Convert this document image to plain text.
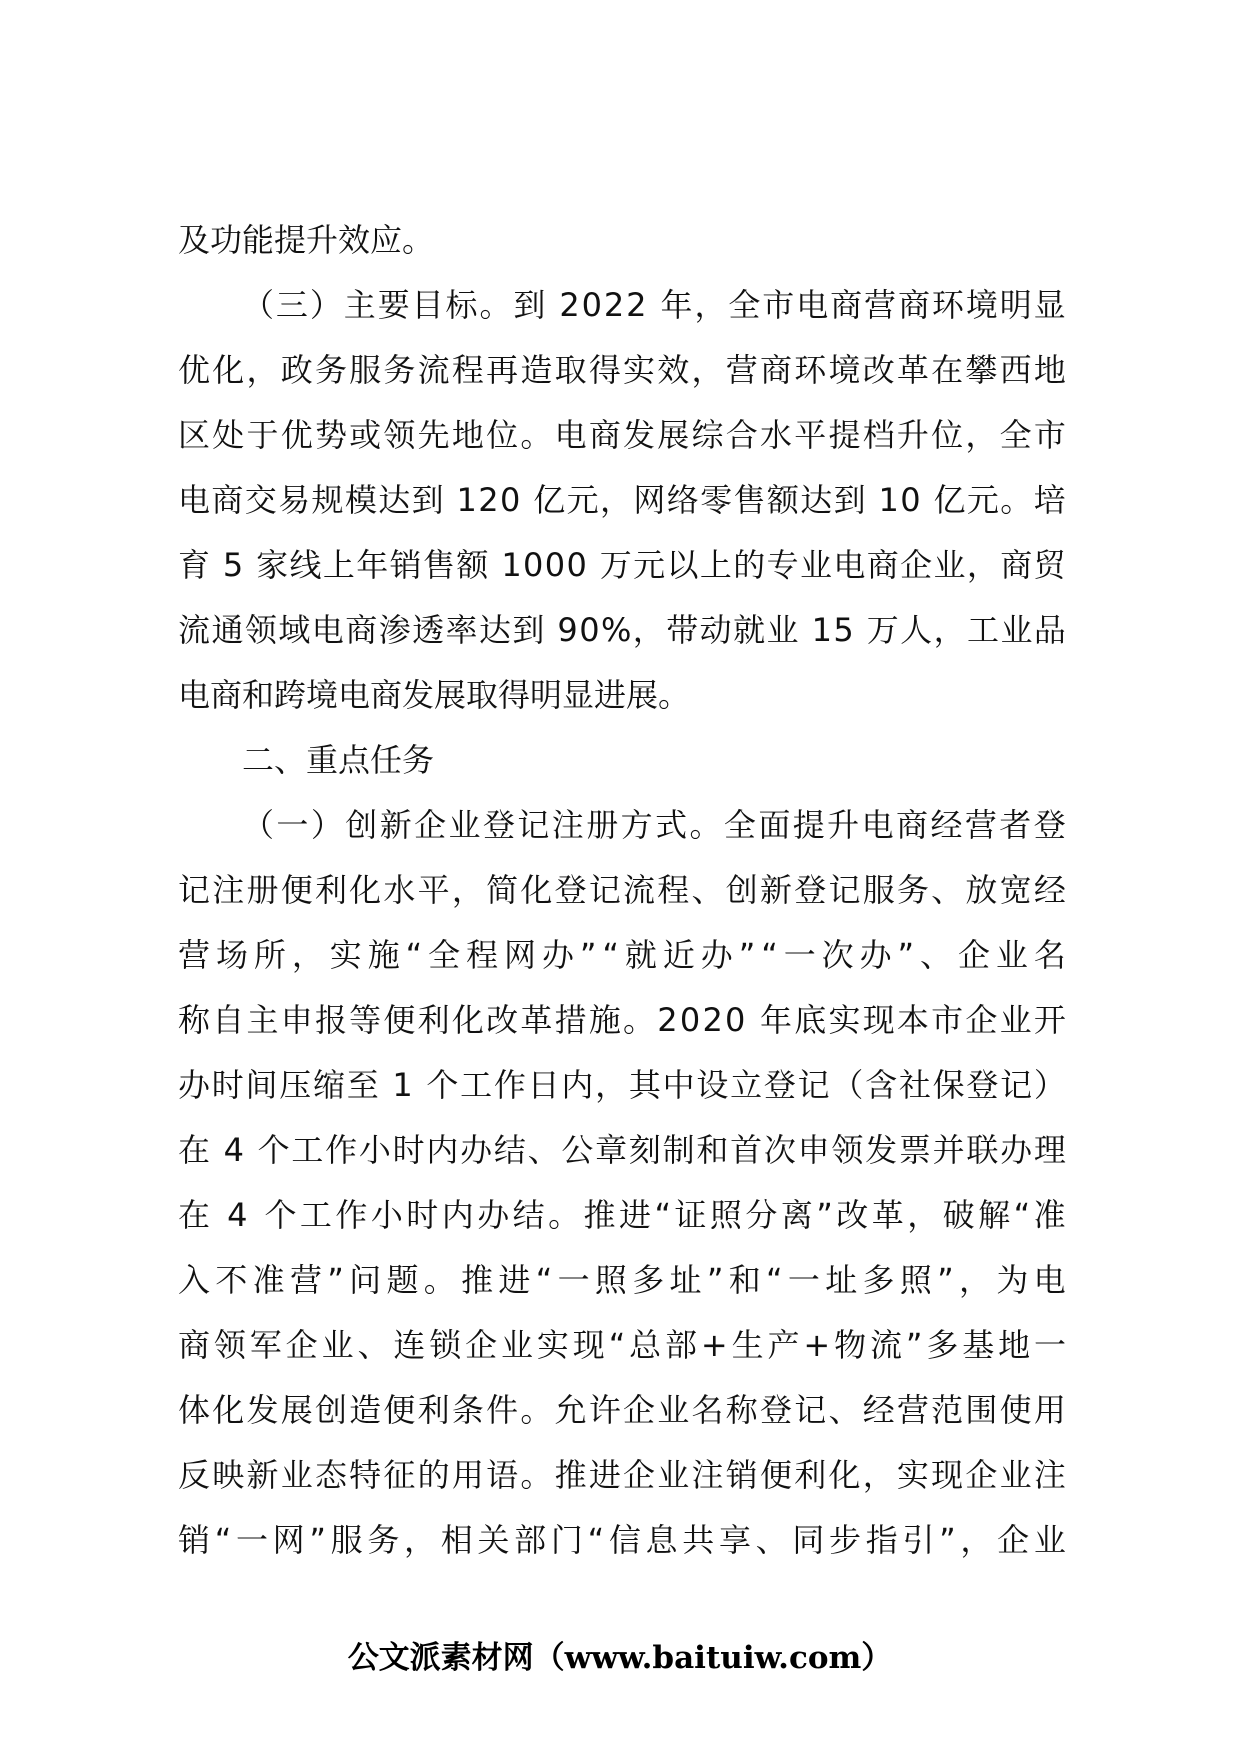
及功能提升效应。
（ 三 ） 主 要 目 标 。 到
2 0 2 2
年 ， 全 市 电 商 营 商 环 境 明 显
优 化 ， 政 务 服 务 流 程 再 造 取 得 实 效 ， 营 商 环 境 改 革 在 攀 西 地
区 处 于 优 势 或 领 先 地 位 。 电 商 发 展 综 合 水 平 提 档 升 位 ， 全 市
电 商 交 易 规 模 达 到
1 2 0
亿 元 ， 网 络 零 售 额 达 到
1 0
亿 元 。 培
育
5
家 线 上 年 销 售 额
1 0 0 0
万 元 以 上 的 专 业 电 商 企 业 ， 商 贸
流 通 领 域 电 商 渗 透 率 达 到
9 0 % ， 带 动 就 业
1 5
万 人 ， 工 业 品
电商和跨境电商发展取得明显进展。
二、重点任务
（ 一 ） 创 新 企 业 登 记 注 册 方 式 。 全 面 提 升 电 商 经 营 者 登
记 注 册 便 利 化 水 平 ， 简 化 登 记 流 程 、 创 新 登 记 服 务 、 放 宽 经
营 场 所 ， 实 施 “ 全 程 网 办 ” “ 就 近 办 ” “ 一 次 办 ” 、 企 业 名
称 自 主 申 报 等 便 利 化 改 革 措 施 。 2 0 2 0
年 底 实 现 本 市 企 业 开
办 时 间 压 缩 至
1
个 工 作 日 内 ， 其 中 设 立 登 记 （ 含 社 保 登 记 ）
在
4
个 工 作 小 时 内 办 结 、 公 章 刻 制 和 首 次 申 领 发 票 并 联 办 理
在
4
个 工 作 小 时 内 办 结 。 推 进 “ 证 照 分 离 ” 改 革 ， 破 解 “ 准
入 不 准 营 ” 问 题 。 推 进 “ 一 照 多 址 ” 和 “ 一 址 多 照 ” ， 为 电
商 领 军 企 业 、 连 锁 企 业 实 现 “ 总 部 + 生 产 + 物 流 ” 多 基 地 一
体 化 发 展 创 造 便 利 条 件 。 允 许 企 业 名 称 登 记 、 经 营 范 围 使 用
反 映 新 业 态 特 征 的 用 语 。 推 进 企 业 注 销 便 利 化 ， 实 现 企 业 注
销 “ 一 网 ” 服 务 ， 相 关 部 门 “ 信 息 共 享 、 同 步 指 引 ” ， 企 业
公文派素材网（www.baituiw.com）
